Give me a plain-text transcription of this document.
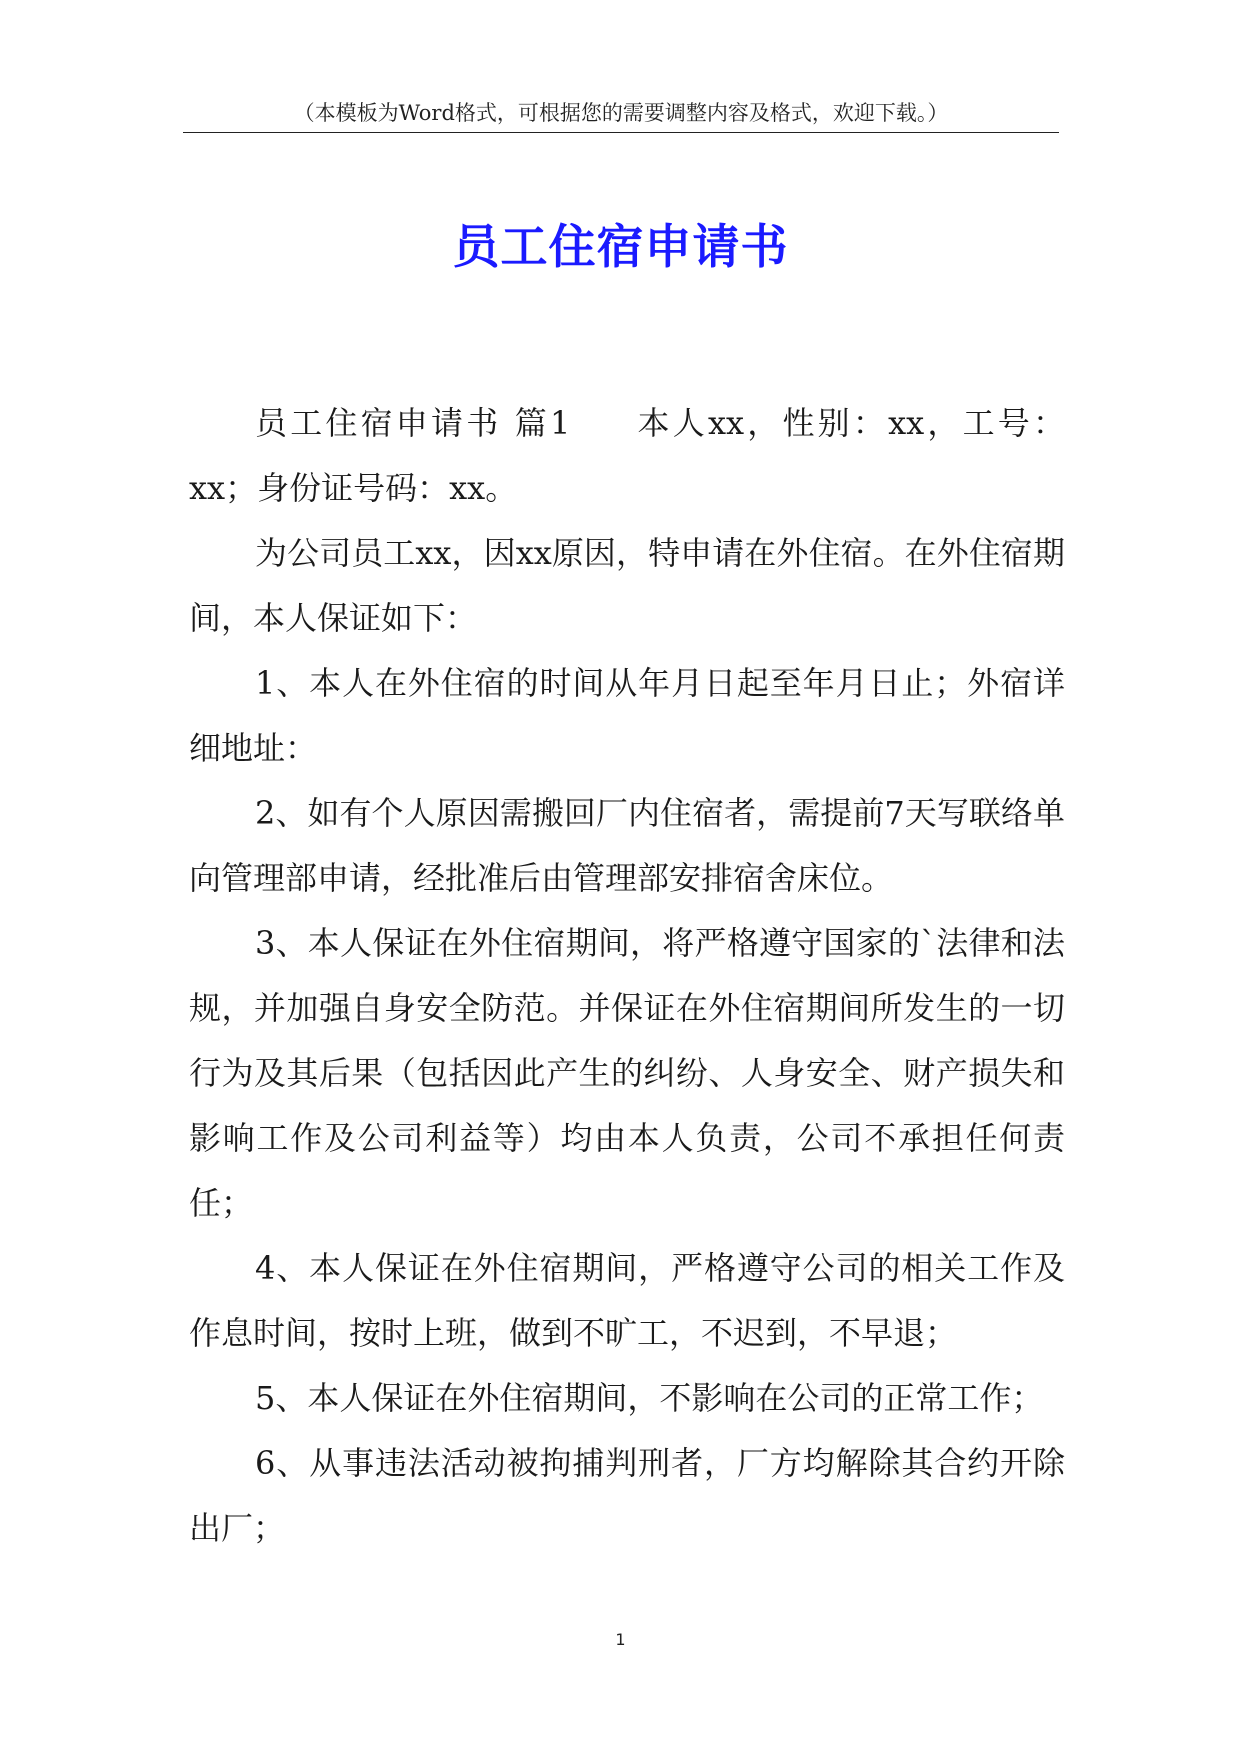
（本模板为Word格式，可根据您的需要调整内容及格式，欢迎下载。）
员工住宿申请书

员工住宿申请书 篇1 本人xx，性别：xx，工号：xx；身份证号码：xx。

为公司员工xx，因xx原因，特申请在外住宿。在外住宿期间，本人保证如下：

1、本人在外住宿的时间从年月日起至年月日止；外宿详细地址：

2、如有个人原因需搬回厂内住宿者，需提前7天写联络单向管理部申请，经批准后由管理部安排宿舍床位。

3、本人保证在外住宿期间，将严格遵守国家的`法律和法规，并加强自身安全防范。并保证在外住宿期间所发生的一切行为及其后果（包括因此产生的纠纷、人身安全、财产损失和影响工作及公司利益等）均由本人负责，公司不承担任何责任；

4、本人保证在外住宿期间，严格遵守公司的相关工作及作息时间，按时上班，做到不旷工，不迟到，不早退；

5、本人保证在外住宿期间，不影响在公司的正常工作；

6、从事违法活动被拘捕判刑者，厂方均解除其合约开除出厂；

1
